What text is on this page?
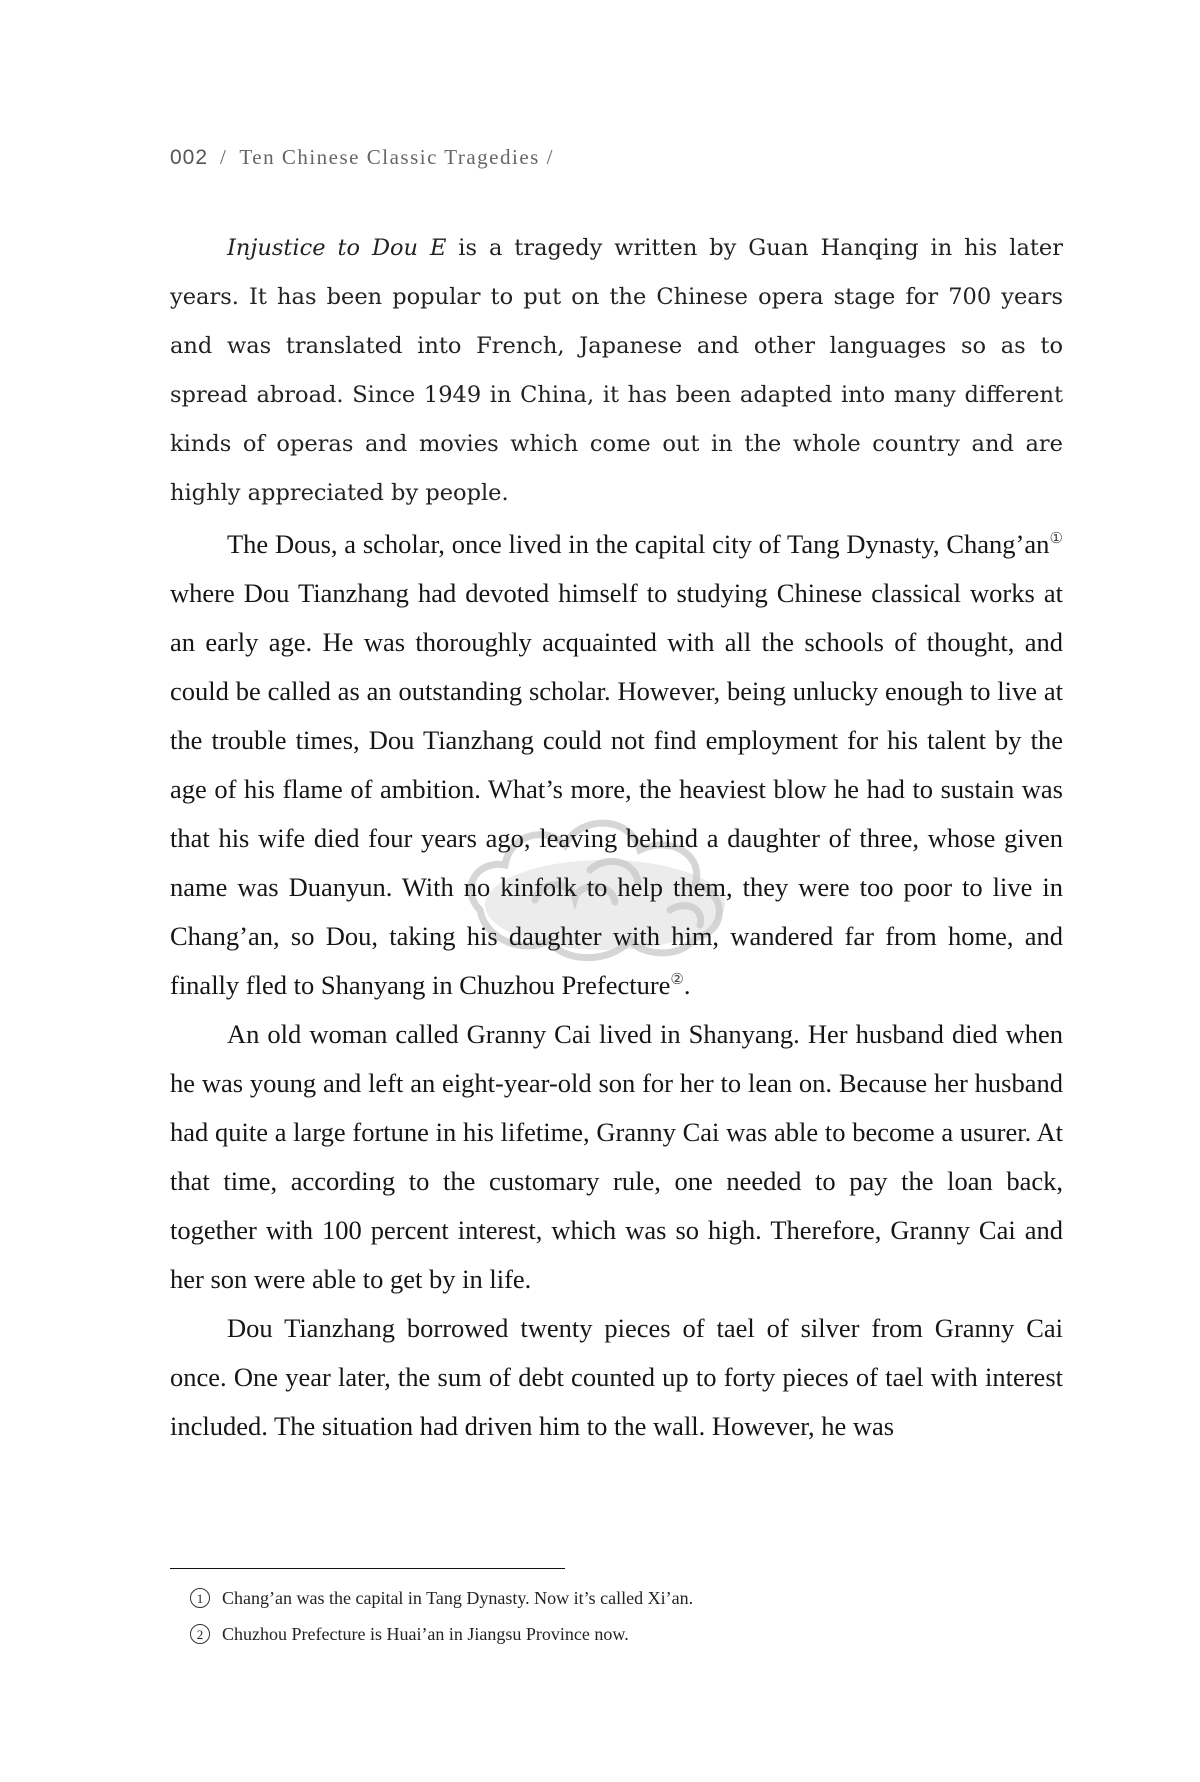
002 / Ten Chinese Classic Tragedies /

Injustice to Dou E is a tragedy written by Guan Hanqing in his later years. It has been popular to put on the Chinese opera stage for 700 years and was translated into French, Japanese and other languages so as to spread abroad. Since 1949 in China, it has been adapted into many different kinds of operas and movies which come out in the whole country and are highly appreciated by people.

The Dous, a scholar, once lived in the capital city of Tang Dynasty, Chang’an① where Dou Tianzhang had devoted himself to studying Chinese classical works at an early age. He was thoroughly acquainted with all the schools of thought, and could be called as an outstanding scholar. However, being unlucky enough to live at the trouble times, Dou Tianzhang could not find employment for his talent by the age of his flame of ambition. What’s more, the heaviest blow he had to sustain was that his wife died four years ago, leaving behind a daughter of three, whose given name was Duanyun. With no kinfolk to help them, they were too poor to live in Chang’an, so Dou, taking his daughter with him, wandered far from home, and finally fled to Shanyang in Chuzhou Prefecture②.

An old woman called Granny Cai lived in Shanyang. Her husband died when he was young and left an eight-year-old son for her to lean on. Because her husband had quite a large fortune in his lifetime, Granny Cai was able to become a usurer. At that time, according to the customary rule, one needed to pay the loan back, together with 100 percent interest, which was so high. Therefore, Granny Cai and her son were able to get by in life.

Dou Tianzhang borrowed twenty pieces of tael of silver from Granny Cai once. One year later, the sum of debt counted up to forty pieces of tael with interest included. The situation had driven him to the wall. However, he was

1 Chang’an was the capital in Tang Dynasty. Now it’s called Xi’an.
2 Chuzhou Prefecture is Huai’an in Jiangsu Province now.
